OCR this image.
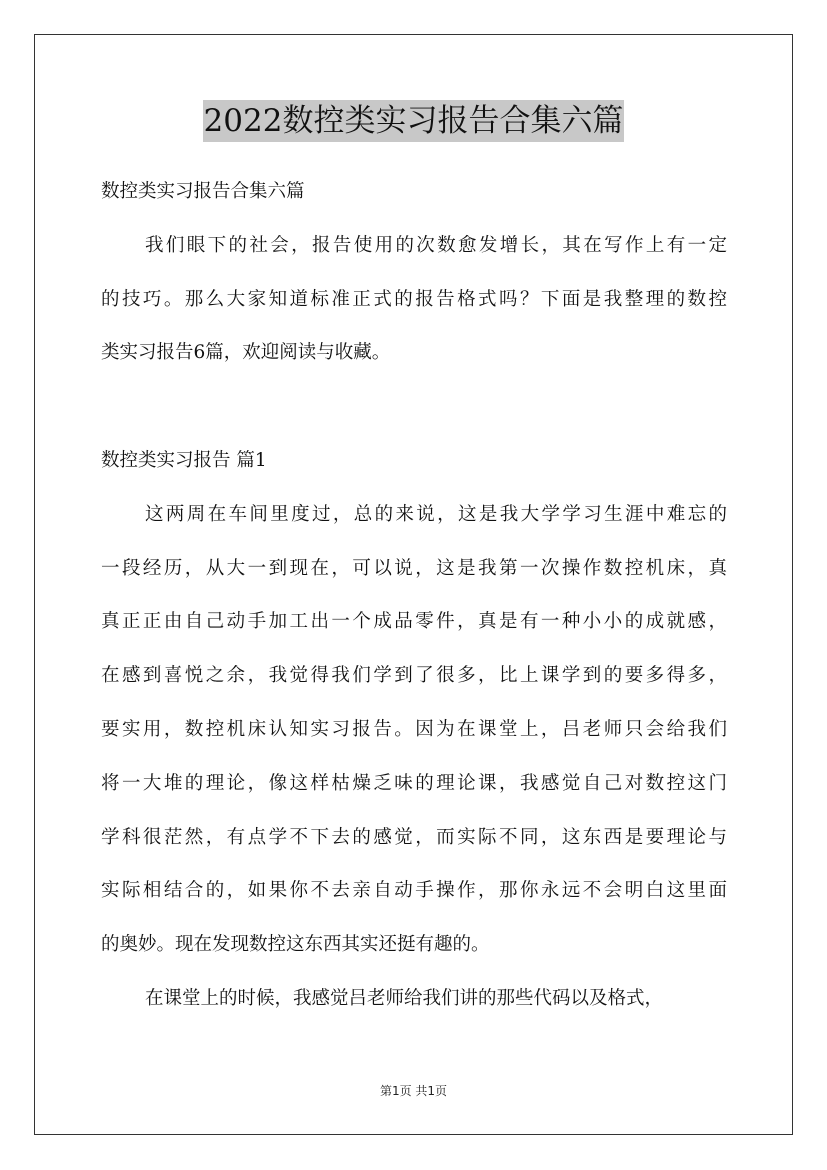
2022数控类实习报告合集六篇
数控类实习报告合集六篇
我们眼下的社会，报告使用的次数愈发增长，其在写作上有一定
的技巧。那么大家知道标准正式的报告格式吗？下面是我整理的数控
类实习报告6篇，欢迎阅读与收藏。
数控类实习报告 篇1
这两周在车间里度过，总的来说，这是我大学学习生涯中难忘的
一段经历，从大一到现在，可以说，这是我第一次操作数控机床，真
真正正由自己动手加工出一个成品零件，真是有一种小小的成就感，
在感到喜悦之余，我觉得我们学到了很多，比上课学到的要多得多，
要实用，数控机床认知实习报告。因为在课堂上，吕老师只会给我们
将一大堆的理论，像这样枯燥乏味的理论课，我感觉自己对数控这门
学科很茫然，有点学不下去的感觉，而实际不同，这东西是要理论与
实际相结合的，如果你不去亲自动手操作，那你永远不会明白这里面
的奥妙。现在发现数控这东西其实还挺有趣的。
在课堂上的时候，我感觉吕老师给我们讲的那些代码以及格式，
第1页 共1页
